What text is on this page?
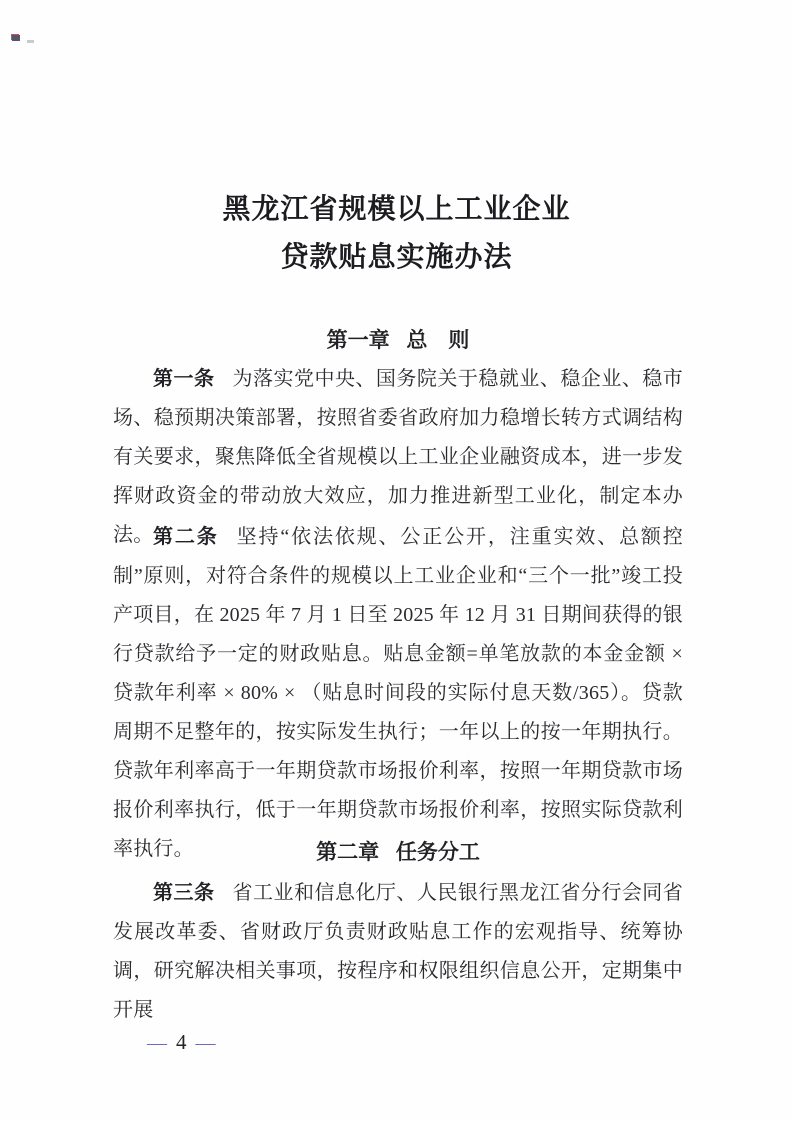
黑龙江省规模以上工业企业
贷款贴息实施办法
第一章 总　则

第一条 为落实党中央、国务院关于稳就业、稳企业、稳市场、稳预期决策部署，按照省委省政府加力稳增长转方式调结构有关要求，聚焦降低全省规模以上工业企业融资成本，进一步发挥财政资金的带动放大效应，加力推进新型工业化，制定本办法。 第二条 坚持“依法依规、公正公开，注重实效、总额控制”原则，对符合条件的规模以上工业企业和“三个一批”竣工投产项目，在 2025 年 7 月 1 日至 2025 年 12 月 31 日期间获得的银行贷款给予一定的财政贴息。贴息金额=单笔放款的本金金额 × 贷款年利率 × 80% × （贴息时间段的实际付息天数/365）。贷款周期不足整年的，按实际发生执行；一年以上的按一年期执行。贷款年利率高于一年期贷款市场报价利率，按照一年期贷款市场报价利率执行，低于一年期贷款市场报价利率，按照实际贷款利率执行。	第二章 任务分工

第三条 省工业和信息化厅、人民银行黑龙江省分行会同省发展改革委、省财政厅负责财政贴息工作的宏观指导、统筹协调，研究解决相关事项，按程序和权限组织信息公开，定期集中开展

— 4 —
